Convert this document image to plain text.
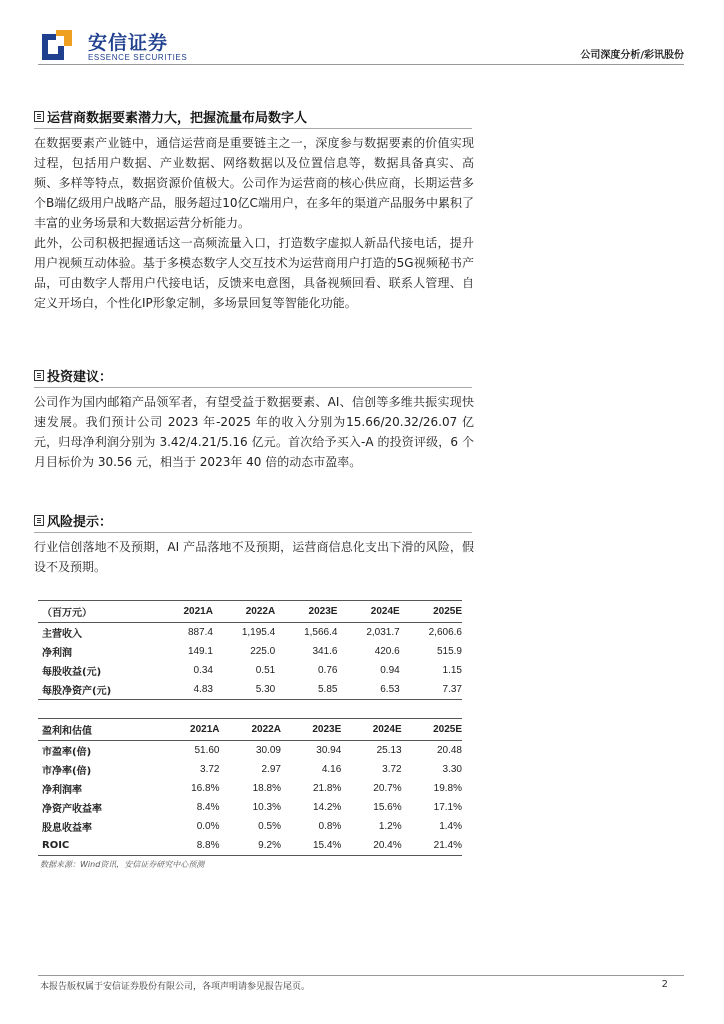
安信证券
ESSENCE SECURITIES	公司深度分析/彩讯股份
运营商数据要素潜力大，把握流量布局数字人

在数据要素产业链中，通信运营商是重要链主之一，深度参与数据要素的价值实现过程，包括用户数据、产业数据、网络数据以及位置信息等，数据具备真实、高频、多样等特点，数据资源价值极大。公司作为运营商的核心供应商，长期运营多个B端亿级用户战略产品，服务超过10亿C端用户，在多年的渠道产品服务中累积了丰富的业务场景和大数据运营分析能力。

此外，公司积极把握通话这一高频流量入口，打造数字虚拟人新品代接电话，提升用户视频互动体验。基于多模态数字人交互技术为运营商用户打造的5G视频秘书产品，可由数字人帮用户代接电话，反馈来电意图，具备视频回看、联系人管理、自定义开场白，个性化IP形象定制，多场景回复等智能化功能。

投资建议：

公司作为国内邮箱产品领军者，有望受益于数据要素、AI、信创等多维共振实现快速发展。我们预计公司 2023 年-2025 年的收入分别为15.66/20.32/26.07 亿元，归母净利润分别为 3.42/4.21/5.16 亿元。首次给予买入-A 的投资评级，6 个月目标价为 30.56 元，相当于 2023年 40 倍的动态市盈率。

风险提示：

行业信创落地不及预期，AI 产品落地不及预期，运营商信息化支出下滑的风险，假设不及预期。

（百万元）	2021A	2022A	2023E	2024E	2025E
主营收入	887.4	1,195.4	1,566.4	2,031.7	2,606.6
净利润	149.1	225.0	341.6	420.6	515.9
每股收益(元)	0.34	0.51	0.76	0.94	1.15
每股净资产(元)	4.83	5.30	5.85	6.53	7.37
盈利和估值	2021A	2022A	2023E	2024E	2025E
市盈率(倍)	51.60	30.09	30.94	25.13	20.48
市净率(倍)	3.72	2.97	4.16	3.72	3.30
净利润率	16.8%	18.8%	21.8%	20.7%	19.8%
净资产收益率	8.4%	10.3%	14.2%	15.6%	17.1%
股息收益率	0.0%	0.5%	0.8%	1.2%	1.4%
ROIC	8.8%	9.2%	15.4%	20.4%	21.4%
数据来源：Wind资讯，安信证券研究中心预测
本报告版权属于安信证券股份有限公司，各项声明请参见报告尾页。	2
